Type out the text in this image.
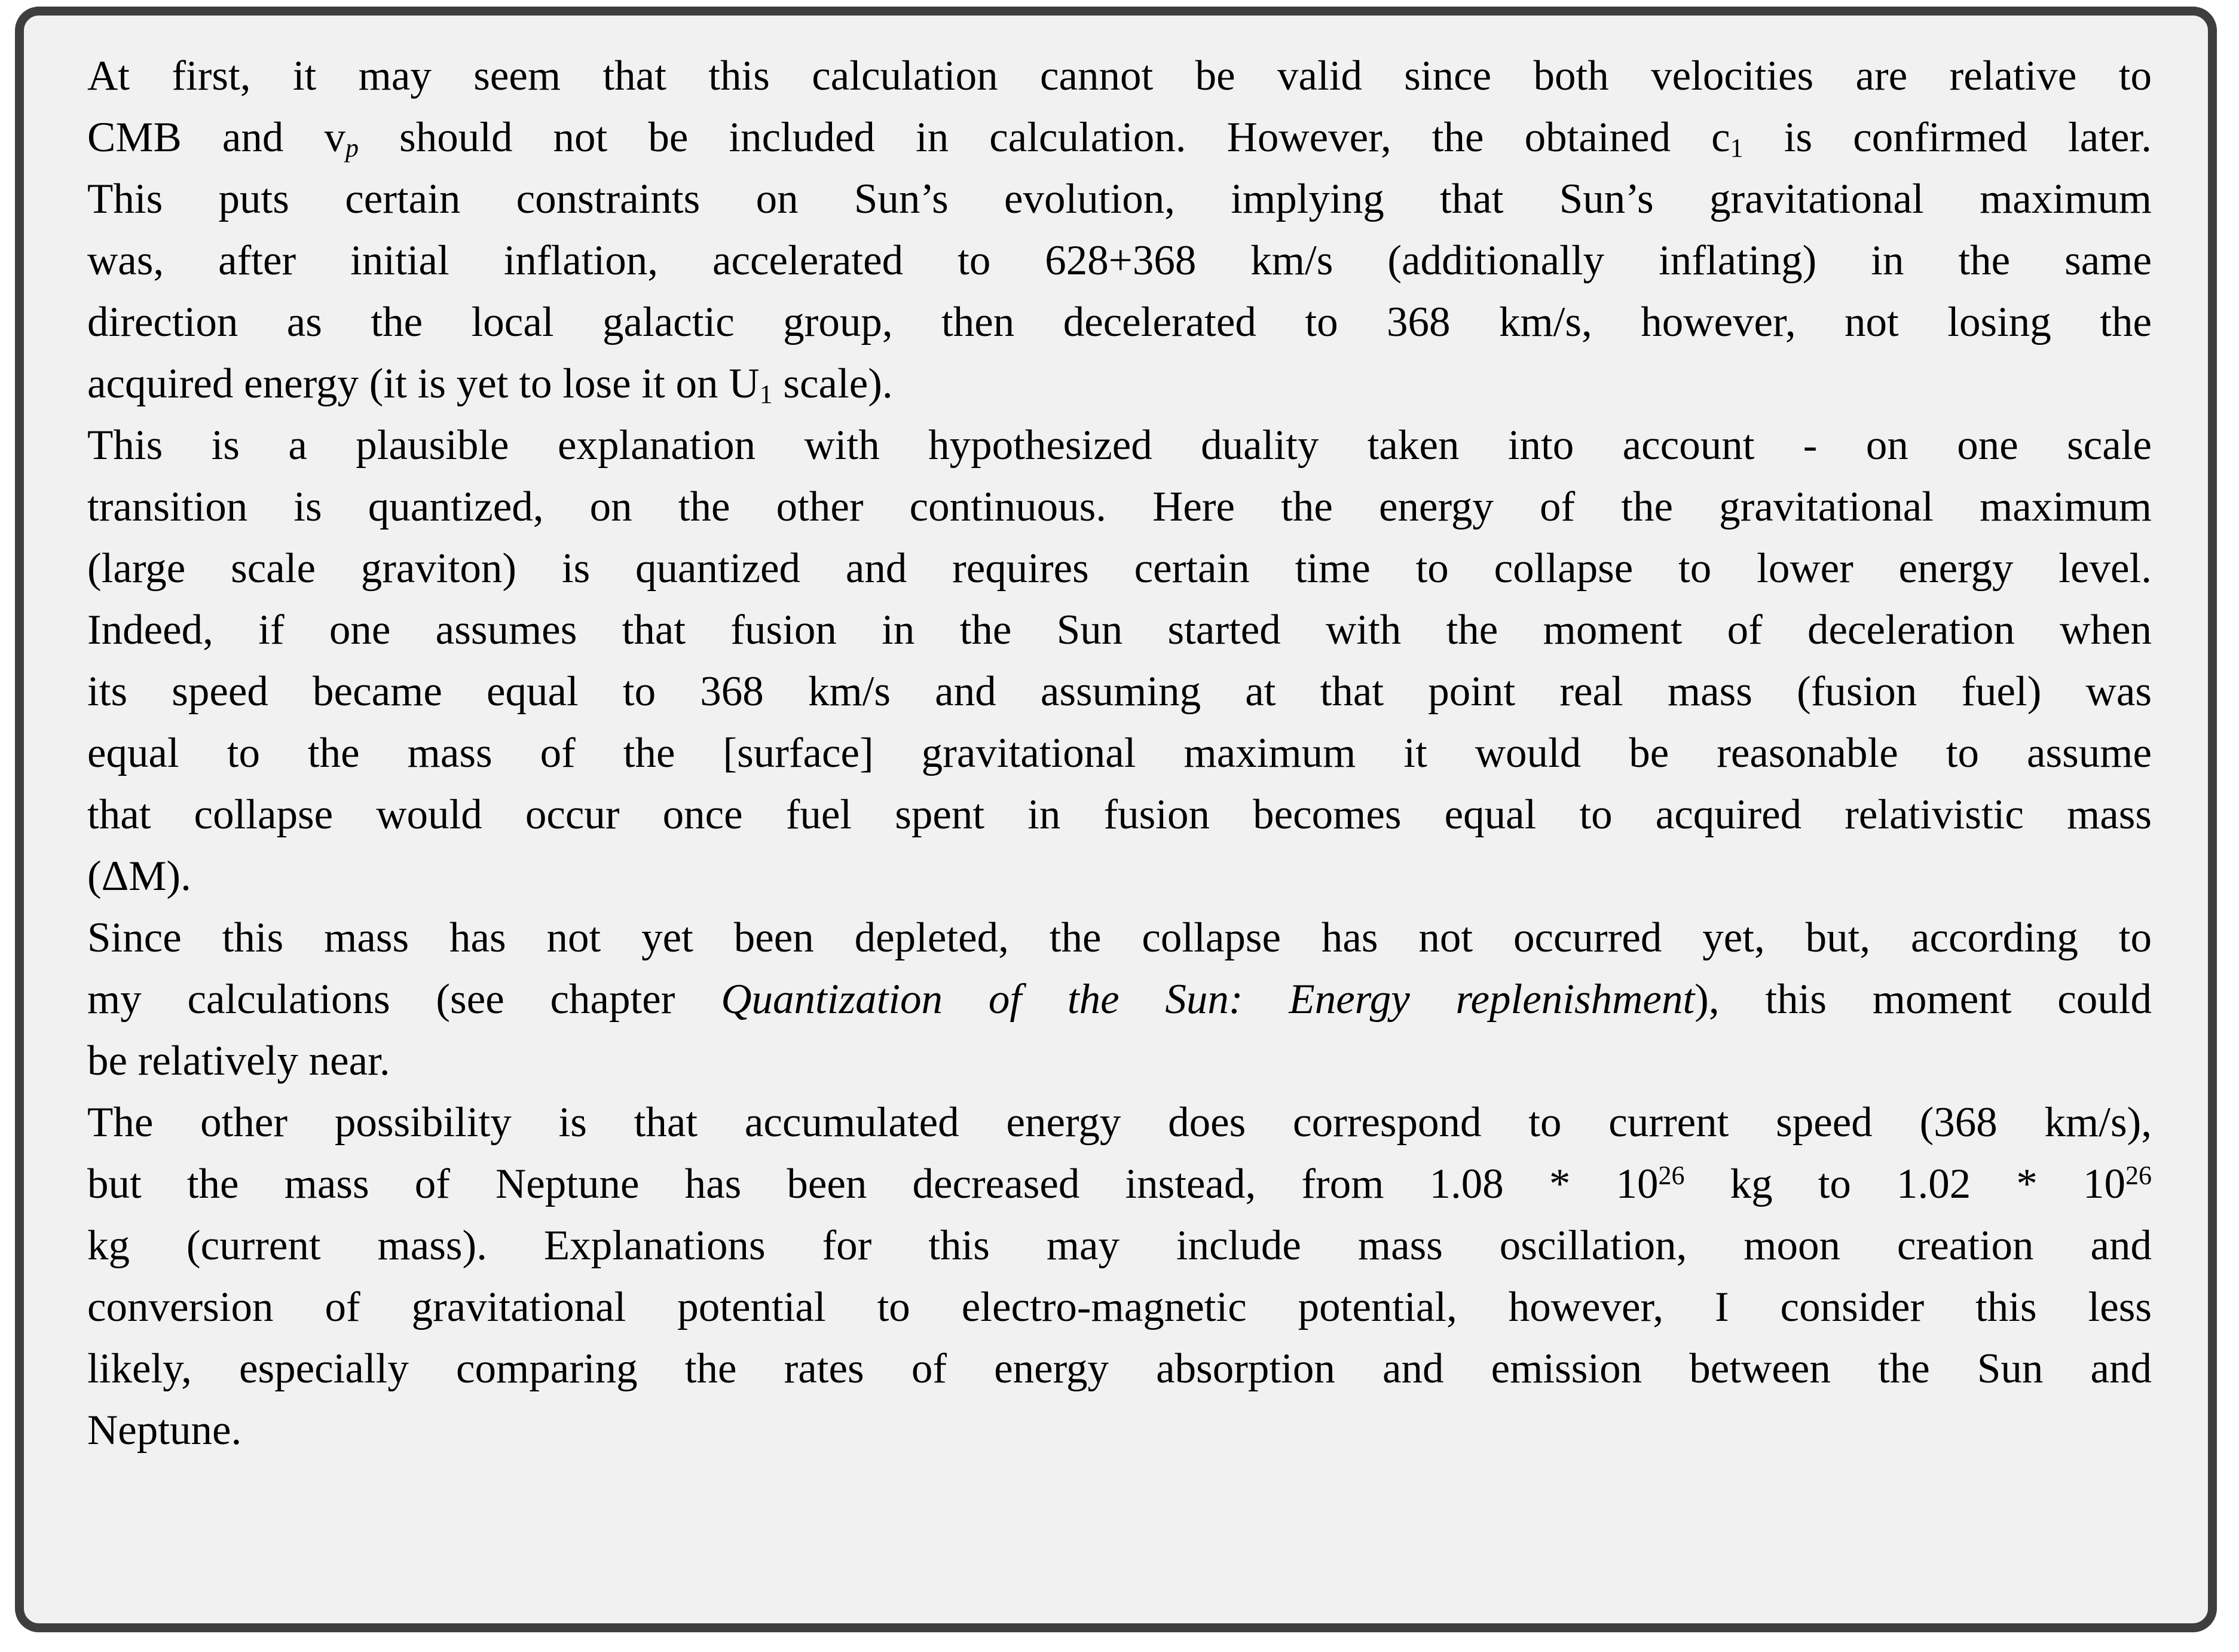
At first, it may seem that this calculation cannot be valid since both velocities are relative to
CMB and vp should not be included in calculation. However, the obtained c1 is confirmed later.
This puts certain constraints on Sun’s evolution, implying that Sun’s gravitational maximum
was, after initial inflation, accelerated to 628+368 km/s (additionally inflating) in the same
direction as the local galactic group, then decelerated to 368 km/s, however, not losing the
acquired energy (it is yet to lose it on U1 scale).
This is a plausible explanation with hypothesized duality taken into account - on one scale
transition is quantized, on the other continuous. Here the energy of the gravitational maximum
(large scale graviton) is quantized and requires certain time to collapse to lower energy level.
Indeed, if one assumes that fusion in the Sun started with the moment of deceleration when
its speed became equal to 368 km/s and assuming at that point real mass (fusion fuel) was
equal to the mass of the [surface] gravitational maximum it would be reasonable to assume
that collapse would occur once fuel spent in fusion becomes equal to acquired relativistic mass
(ΔM).
Since this mass has not yet been depleted, the collapse has not occurred yet, but, according to
my calculations (see chapter Quantization of the Sun: Energy replenishment), this moment could
be relatively near.
The other possibility is that accumulated energy does correspond to current speed (368 km/s),
but the mass of Neptune has been decreased instead, from $1.08 * 10^{26}$ kg to $1.02 * 10^{26}$
kg (current mass). Explanations for this may include mass oscillation, moon creation and
conversion of gravitational potential to electro-magnetic potential, however, I consider this less
likely, especially comparing the rates of energy absorption and emission between the Sun and
Neptune.
